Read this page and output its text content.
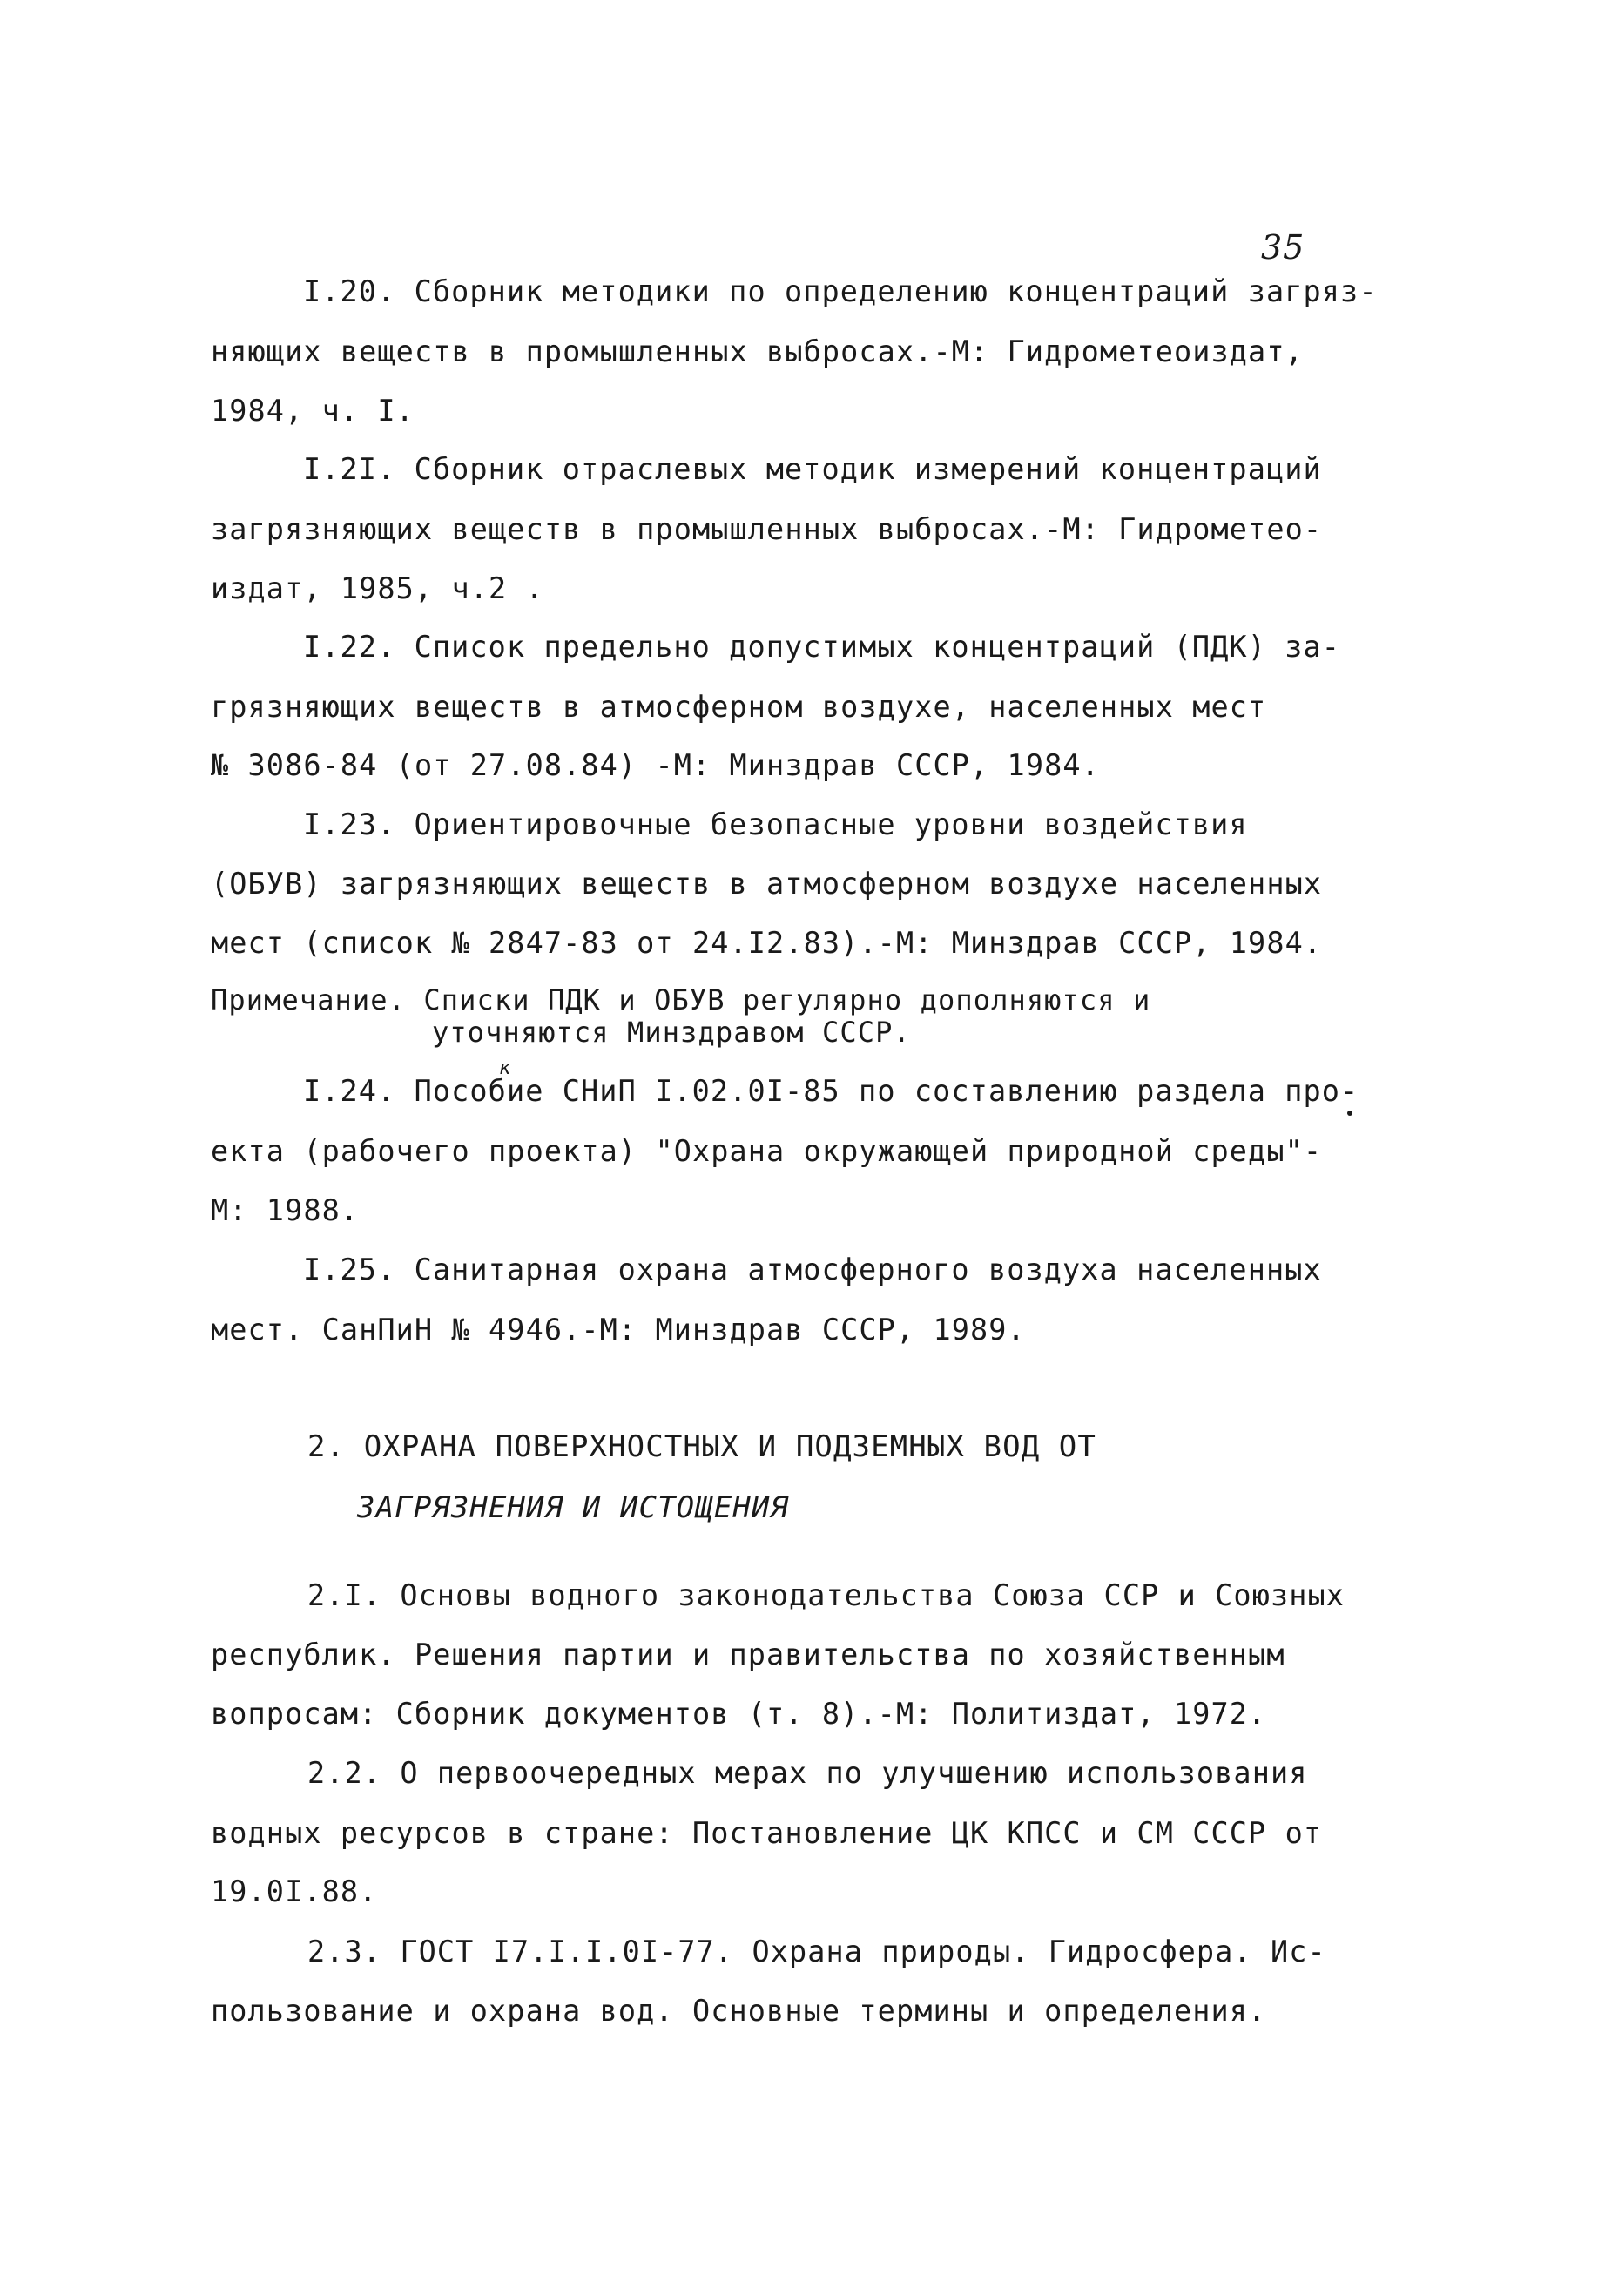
35
I.20. Сборник методики по определению концентраций загряз-
няющих веществ в промышленных выбросах.-М: Гидрометеоиздат,
1984, ч. I.
I.2I. Сборник отраслевых методик измерений концентраций
загрязняющих веществ в промышленных выбросах.-М: Гидрометео-
издат, 1985, ч.2 .
I.22. Список предельно допустимых концентраций (ПДК) за-
грязняющих веществ в атмосферном воздухе, населенных мест
№ 3086-84 (от 27.08.84) -М: Минздрав СССР, 1984.
I.23. Ориентировочные безопасные уровни воздействия
(ОБУВ) загрязняющих веществ в атмосферном воздухе населенных
мест (список № 2847-83 от 24.I2.83).-М: Минздрав СССР, 1984.
Примечание. Списки ПДК и ОБУВ регулярно дополняются и
уточняются Минздравом СССР.
к
I.24. Пособие СНиП I.02.0I-85 по составлению раздела про-
екта (рабочего проекта) "Охрана окружающей природной среды"-
М: 1988.
I.25. Санитарная охрана атмосферного воздуха населенных
мест. СанПиН № 4946.-М: Минздрав СССР, 1989.
2. ОХРАНА ПОВЕРХНОСТНЫХ И ПОДЗЕМНЫХ ВОД ОТ
ЗАГРЯЗНЕНИЯ И ИСТОЩЕНИЯ
2.I. Основы водного законодательства Союза ССР и Союзных
республик. Решения партии и правительства по хозяйственным
вопросам: Сборник документов (т. 8).-М: Политиздат, 1972.
2.2. О первоочередных мерах по улучшению использования
водных ресурсов в стране: Постановление ЦК КПСС и СМ СССР от
19.0I.88.
2.3. ГОСТ I7.I.I.0I-77. Охрана природы. Гидросфера. Ис-
пользование и охрана вод. Основные термины и определения.
